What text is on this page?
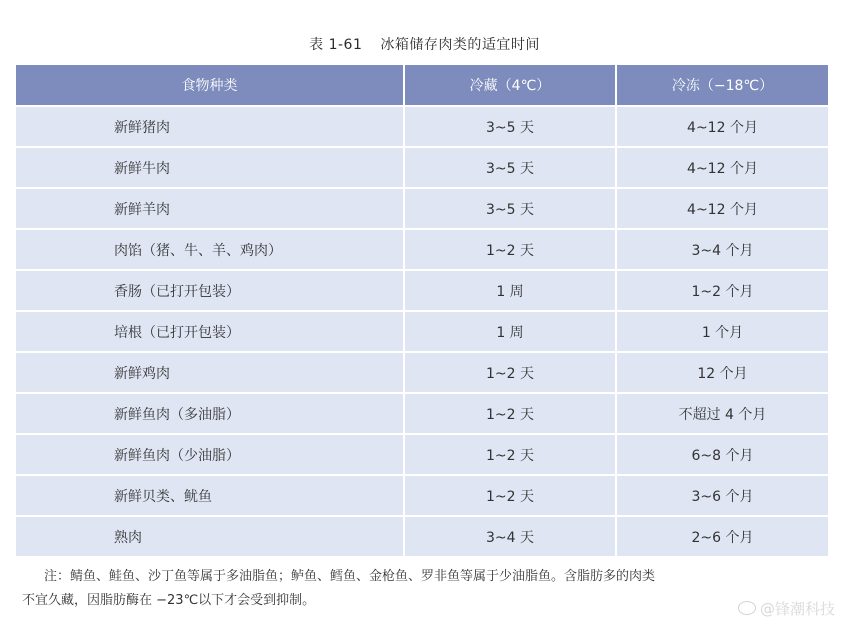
表 1-61 冰箱储存肉类的适宜时间
食物种类	冷藏（4℃）	冷冻（−18℃）
新鲜猪肉	3~5 天	4~12 个月
新鲜牛肉	3~5 天	4~12 个月
新鲜羊肉	3~5 天	4~12 个月
肉馅（猪、牛、羊、鸡肉）	1~2 天	3~4 个月
香肠（已打开包装）	1 周	1~2 个月
培根（已打开包装）	1 周	1 个月
新鲜鸡肉	1~2 天	12 个月
新鲜鱼肉（多油脂）	1~2 天	不超过 4 个月
新鲜鱼肉（少油脂）	1~2 天	6~8 个月
新鲜贝类、鱿鱼	1~2 天	3~6 个月
熟肉	3~4 天	2~6 个月
注：鲭鱼、鲑鱼、沙丁鱼等属于多油脂鱼；鲈鱼、鳕鱼、金枪鱼、罗非鱼等属于少油脂鱼。含脂肪多的肉类
不宜久藏，因脂肪酶在 −23℃以下才会受到抑制。	@锋潮科技
